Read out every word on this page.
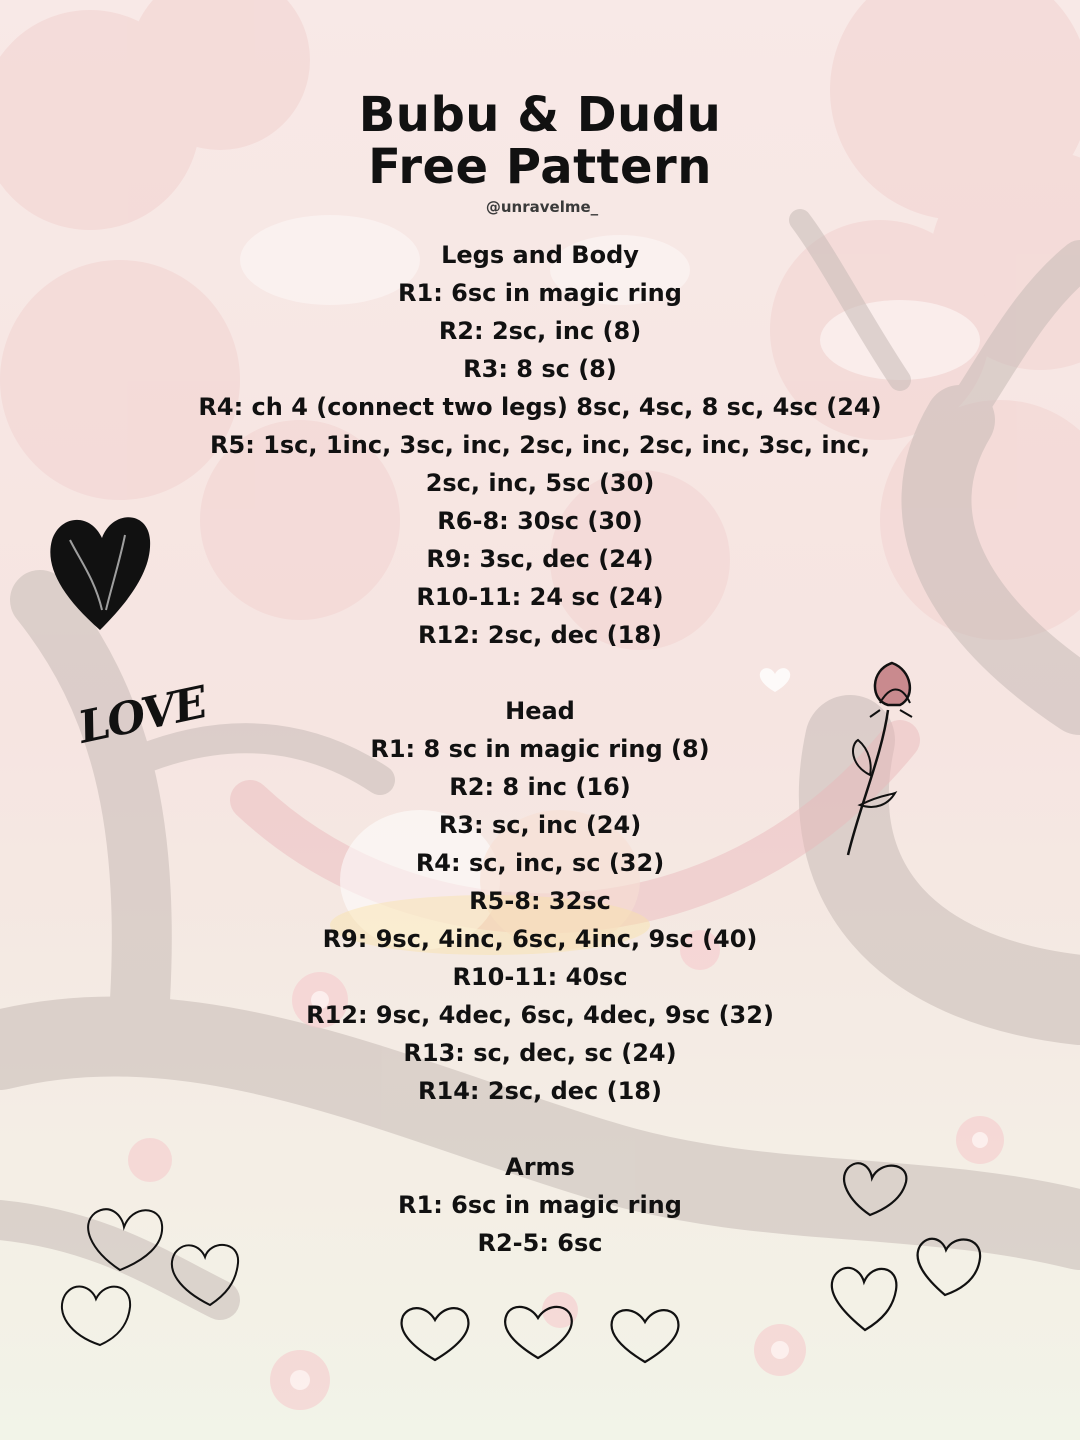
Bubu & Dudu
Free Pattern
@unravelme_
Legs and Body
R1: 6sc in magic ring
R2: 2sc, inc (8)
R3: 8 sc (8)
R4: ch 4 (connect two legs) 8sc, 4sc, 8 sc, 4sc (24)
R5: 1sc, 1inc, 3sc, inc, 2sc, inc, 2sc, inc, 3sc, inc,
2sc, inc, 5sc (30)
R6-8: 30sc (30)
R9: 3sc, dec (24)
R10-11: 24 sc (24)
R12: 2sc, dec (18)
Head
R1: 8 sc in magic ring (8)
R2: 8 inc (16)
R3: sc, inc (24)
R4: sc, inc, sc (32)
R5-8: 32sc
R9: 9sc, 4inc, 6sc, 4inc, 9sc (40)
R10-11: 40sc
R12: 9sc, 4dec, 6sc, 4dec, 9sc (32)
R13: sc, dec, sc (24)
R14: 2sc, dec (18)
Arms
R1: 6sc in magic ring
R2-5: 6sc
LOVE
